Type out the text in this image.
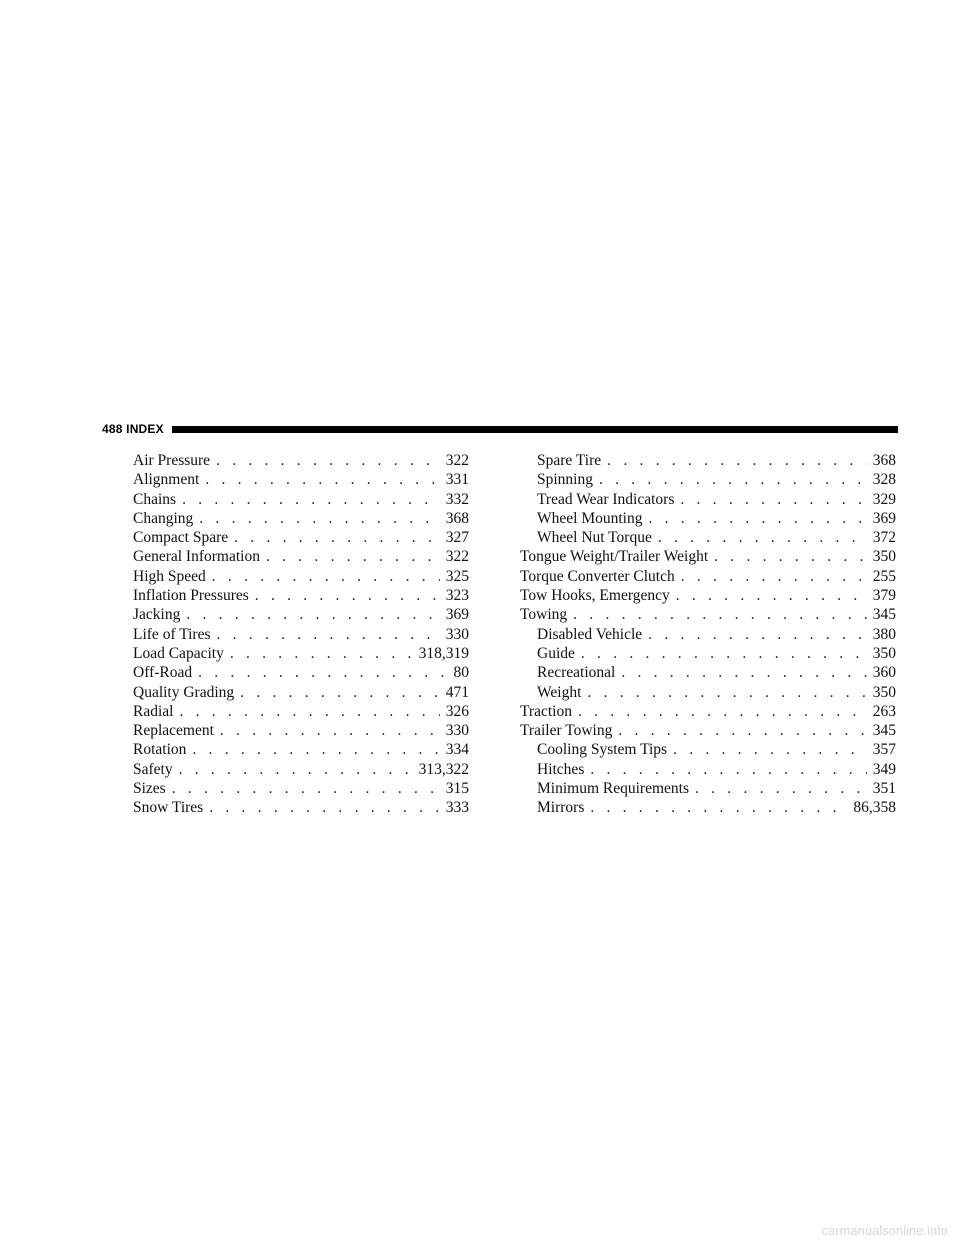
488 INDEX
Air Pressure . . .	322
Alignment . . .	331
Chains . . .	332
Changing . . .	368
Compact Spare . . .	327
General Information . . .	322
High Speed . . .	325
Inflation Pressures . . .	323
Jacking . . .	369
Life of Tires . . .	330
Load Capacity . . .	318,319
Off-Road . . .	80
Quality Grading . . .	471
Radial . . .	326
Replacement . . .	330
Rotation . . .	334
Safety . . .	313,322
Sizes . . .	315
Snow Tires . . .	333
Spare Tire . . .	368
Spinning . . .	328
Tread Wear Indicators . . .	329
Wheel Mounting . . .	369
Wheel Nut Torque . . .	372
Tongue Weight/Trailer Weight . . .	350
Torque Converter Clutch . . .	255
Tow Hooks, Emergency . . .	379
Towing . . .	345
Disabled Vehicle . . .	380
Guide . . .	350
Recreational . . .	360
Weight . . .	350
Traction . . .	263
Trailer Towing . . .	345
Cooling System Tips . . .	357
Hitches . . .	349
Minimum Requirements . . .	351
Mirrors . . .	86,358
carmanualsonline.info
